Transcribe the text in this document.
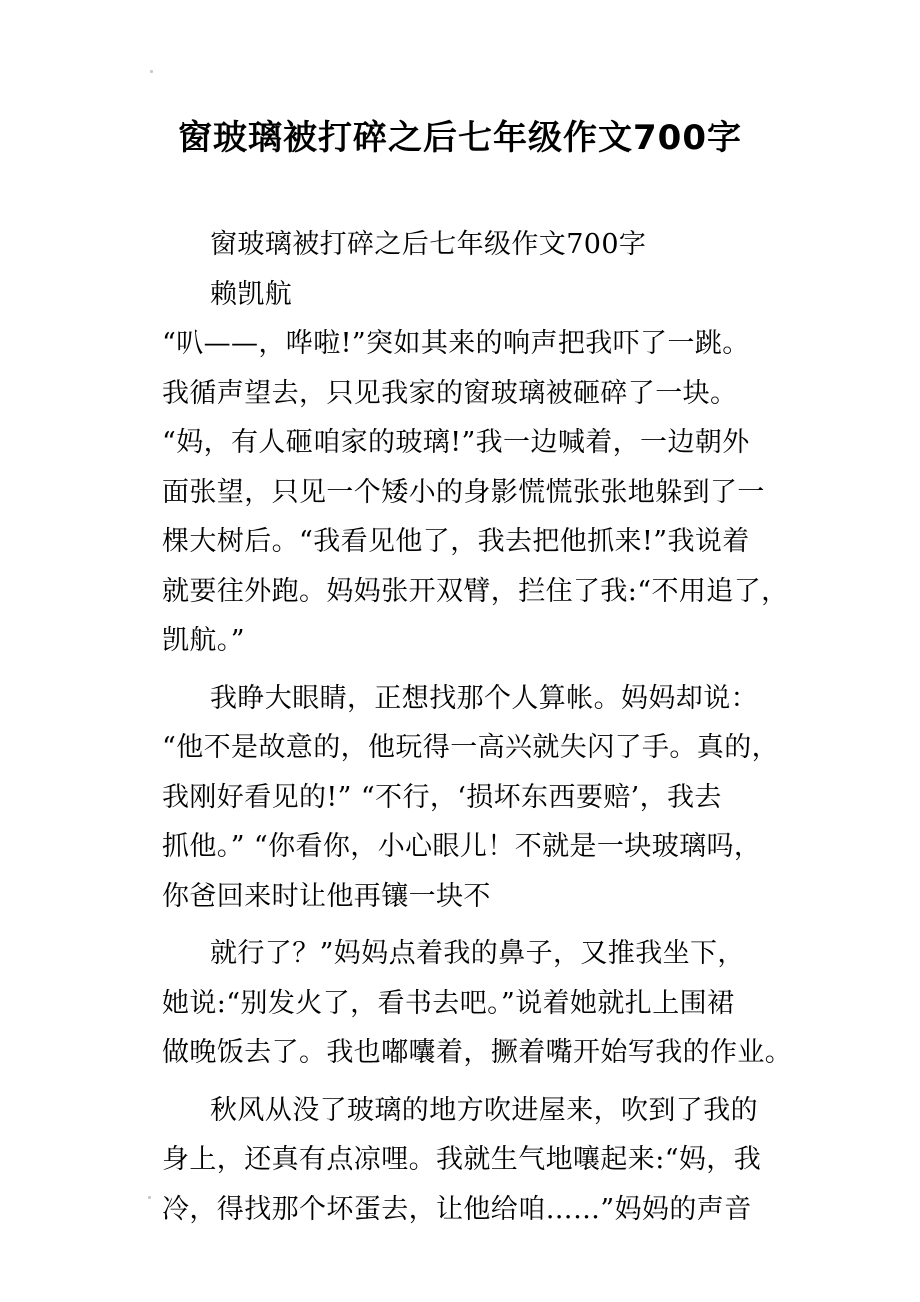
窗玻璃被打碎之后七年级作文700字
窗玻璃被打碎之后七年级作文700字
赖凯航
“叭——，哗啦!”突如其来的响声把我吓了一跳。
我循声望去，只见我家的窗玻璃被砸碎了一块。
“妈，有人砸咱家的玻璃!”我一边喊着，一边朝外
面张望，只见一个矮小的身影慌慌张张地躲到了一
棵大树后。“我看见他了，我去把他抓来!”我说着
就要往外跑。妈妈张开双臂，拦住了我:“不用追了，
凯航。”
我睁大眼睛，正想找那个人算帐。妈妈却说：
“他不是故意的，他玩得一高兴就失闪了手。真的，
我刚好看见的!” “不行，‘损坏东西要赔’，我去
抓他。” “你看你，小心眼儿！不就是一块玻璃吗，
你爸回来时让他再镶一块不
就行了？”妈妈点着我的鼻子，又推我坐下，
她说:“别发火了，看书去吧。”说着她就扎上围裙
做晚饭去了。我也嘟囔着，撅着嘴开始写我的作业。
秋风从没了玻璃的地方吹进屋来，吹到了我的
身上，还真有点凉哩。我就生气地嚷起来:“妈，我
冷，得找那个坏蛋去，让他给咱……”妈妈的声音
